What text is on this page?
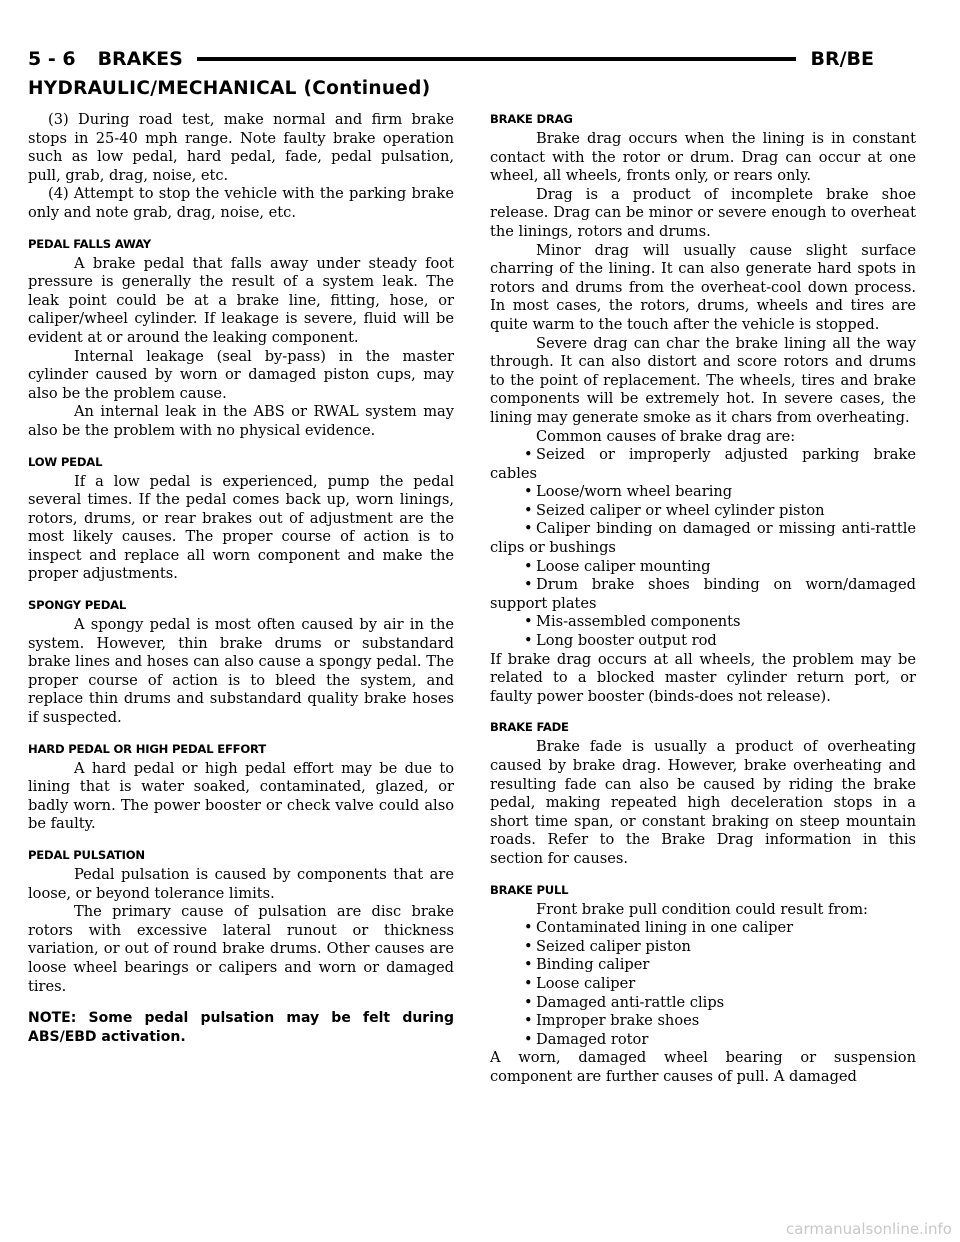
5 - 6 BRAKES	BR/BE
HYDRAULIC/MECHANICAL (Continued)

(3) During road test, make normal and firm brake stops in 25-40 mph range. Note faulty brake operation such as low pedal, hard pedal, fade, pedal pulsation, pull, grab, drag, noise, etc.

(4) Attempt to stop the vehicle with the parking brake only and note grab, drag, noise, etc.

PEDAL FALLS AWAY

A brake pedal that falls away under steady foot pressure is generally the result of a system leak. The leak point could be at a brake line, fitting, hose, or caliper/wheel cylinder. If leakage is severe, fluid will be evident at or around the leaking component.

Internal leakage (seal by-pass) in the master cylinder caused by worn or damaged piston cups, may also be the problem cause.

An internal leak in the ABS or RWAL system may also be the problem with no physical evidence.

LOW PEDAL

If a low pedal is experienced, pump the pedal several times. If the pedal comes back up, worn linings, rotors, drums, or rear brakes out of adjustment are the most likely causes. The proper course of action is to inspect and replace all worn component and make the proper adjustments.

SPONGY PEDAL

A spongy pedal is most often caused by air in the system. However, thin brake drums or substandard brake lines and hoses can also cause a spongy pedal. The proper course of action is to bleed the system, and replace thin drums and substandard quality brake hoses if suspected.

HARD PEDAL OR HIGH PEDAL EFFORT

A hard pedal or high pedal effort may be due to lining that is water soaked, contaminated, glazed, or badly worn. The power booster or check valve could also be faulty.

PEDAL PULSATION

Pedal pulsation is caused by components that are loose, or beyond tolerance limits.

The primary cause of pulsation are disc brake rotors with excessive lateral runout or thickness variation, or out of round brake drums. Other causes are loose wheel bearings or calipers and worn or damaged tires.

NOTE: Some pedal pulsation may be felt during ABS/EBD activation.

BRAKE DRAG

Brake drag occurs when the lining is in constant contact with the rotor or drum. Drag can occur at one wheel, all wheels, fronts only, or rears only.

Drag is a product of incomplete brake shoe release. Drag can be minor or severe enough to overheat the linings, rotors and drums.

Minor drag will usually cause slight surface charring of the lining. It can also generate hard spots in rotors and drums from the overheat-cool down process. In most cases, the rotors, drums, wheels and tires are quite warm to the touch after the vehicle is stopped.

Severe drag can char the brake lining all the way through. It can also distort and score rotors and drums to the point of replacement. The wheels, tires and brake components will be extremely hot. In severe cases, the lining may generate smoke as it chars from overheating.

Common causes of brake drag are:

• Seized or improperly adjusted parking brake cables

• Loose/worn wheel bearing

• Seized caliper or wheel cylinder piston

• Caliper binding on damaged or missing anti-rattle clips or bushings

• Loose caliper mounting

• Drum brake shoes binding on worn/damaged support plates

• Mis-assembled components

• Long booster output rod

If brake drag occurs at all wheels, the problem may be related to a blocked master cylinder return port, or faulty power booster (binds-does not release).

BRAKE FADE

Brake fade is usually a product of overheating caused by brake drag. However, brake overheating and resulting fade can also be caused by riding the brake pedal, making repeated high deceleration stops in a short time span, or constant braking on steep mountain roads. Refer to the Brake Drag information in this section for causes.

BRAKE PULL

Front brake pull condition could result from:

• Contaminated lining in one caliper

• Seized caliper piston

• Binding caliper

• Loose caliper

• Damaged anti-rattle clips

• Improper brake shoes

• Damaged rotor

A worn, damaged wheel bearing or suspension component are further causes of pull. A damaged

carmanualsonline.info
